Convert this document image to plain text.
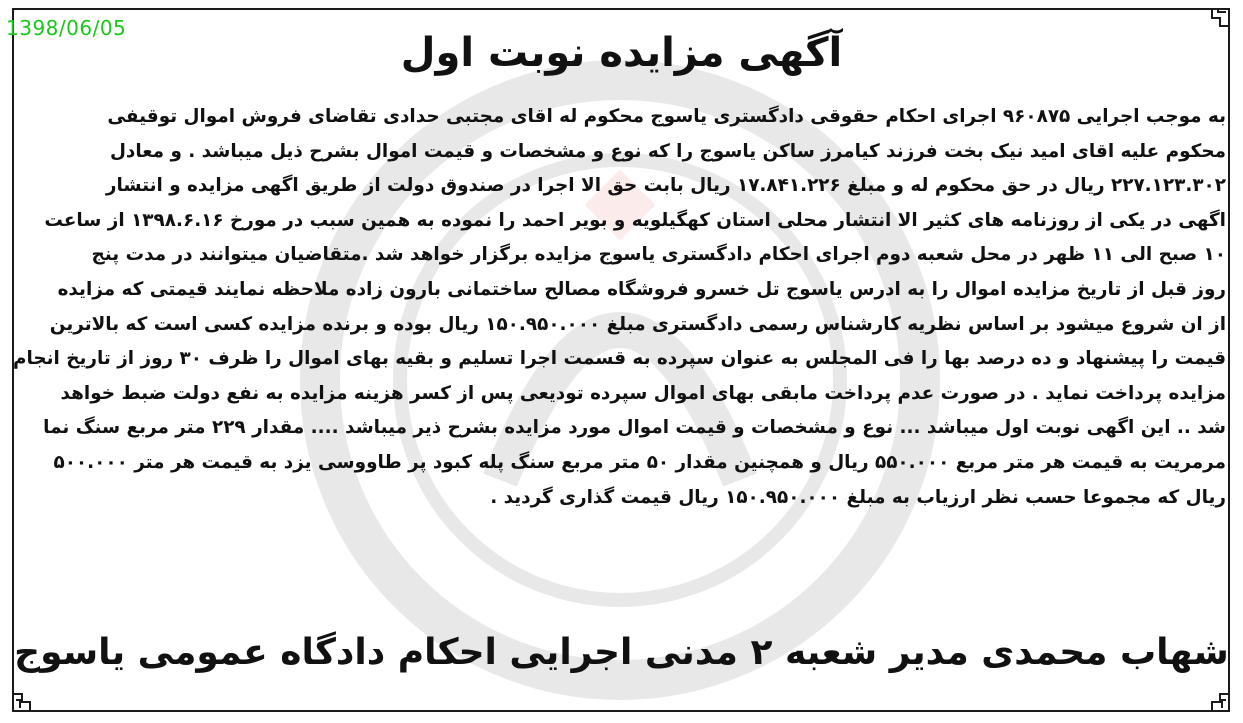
1398/06/05
آگهی مزایده نوبت اول
به موجب اجرایی ۹۶۰۸۷۵ اجرای احکام حقوقی دادگستری یاسوج محکوم له اقای مجتبی حدادی تقاضای فروش اموال توقیفی
محکوم علیه اقای امید نیک بخت فرزند کیامرز ساکن یاسوج را که نوع و مشخصات و قیمت اموال بشرح ذیل میباشد . و معادل
۲۲۷.۱۲۳.۳۰۲ ریال در حق محکوم له و مبلغ ۱۷.۸۴۱.۲۲۶ ریال بابت حق الا اجرا در صندوق دولت از طریق اگهی مزایده و انتشار
اگهی در یکی از روزنامه های کثیر الا انتشار محلی استان کهگیلویه و بویر احمد را نموده به همین سبب در مورخ ۱۳۹۸.۶.۱۶ از ساعت
۱۰ صبح الی ۱۱ ظهر در محل شعبه دوم اجرای احکام دادگستری یاسوج مزایده برگزار خواهد شد .متقاضیان میتوانند در مدت پنج
روز قبل از تاریخ مزایده اموال را به ادرس یاسوج تل خسرو فروشگاه مصالح ساختمانی بارون زاده ملاحظه نمایند قیمتی که مزایده
از ان شروع میشود بر اساس نظریه کارشناس رسمی دادگستری مبلغ ۱۵۰.۹۵۰.۰۰۰ ریال بوده و برنده مزایده کسی است که بالاترین
قیمت را پیشنهاد و ده درصد بها را فی المجلس به عنوان سپرده به قسمت اجرا تسلیم و بقیه بهای اموال را ظرف ۳۰ روز از تاریخ انجام
مزایده پرداخت نماید . در صورت عدم پرداخت مابقی بهای اموال سپرده تودیعی پس از کسر هزینه مزایده به نفع دولت ضبط خواهد
شد .. این اگهی نوبت اول میباشد ... نوع و مشخصات و قیمت اموال مورد مزایده بشرح ذیر میباشد .... مقدار ۲۲۹ متر مربع سنگ نما
مرمریت به قیمت هر متر مربع ۵۵۰.۰۰۰ ریال و همچنین مقدار ۵۰ متر مربع سنگ پله کبود پر طاووسی یزد به قیمت هر متر ۵۰۰.۰۰۰
ریال که مجموعا حسب نظر ارزیاب به مبلغ ۱۵۰.۹۵۰.۰۰۰ ریال قیمت گذاری گردید .
شهاب محمدی مدیر شعبه ۲ مدنی اجرایی احکام دادگاه عمومی یاسوج
